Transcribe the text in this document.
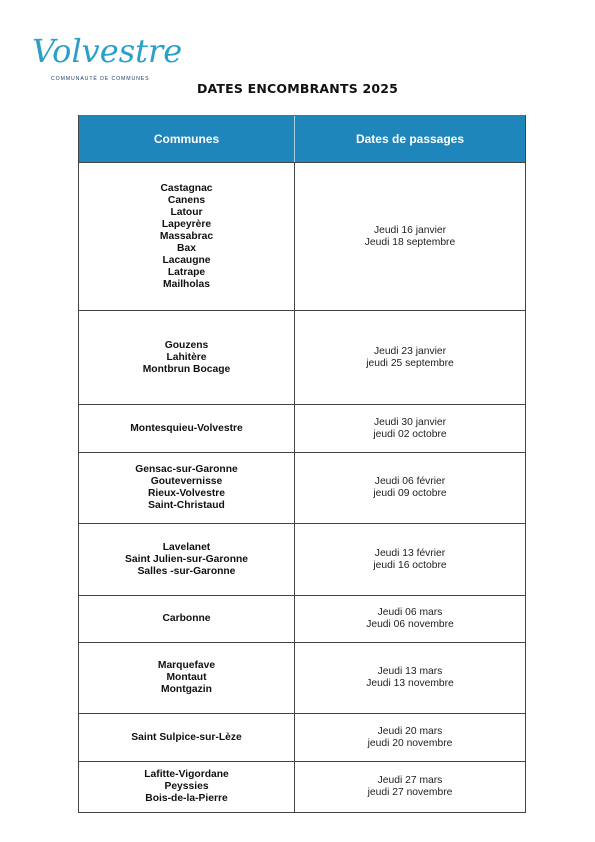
Volvestre
COMMUNAUTÉ DE COMMUNES
DATES ENCOMBRANTS 2025
Communes	Dates de passages
Castagnac
Canens
Latour
Lapeyrère
Massabrac
Bax
Lacaugne
Latrape
Mailholas
Jeudi 16 janvier
Jeudi 18 septembre
Gouzens
Lahitère
Montbrun Bocage
Jeudi 23 janvier
jeudi 25 septembre
Montesquieu-Volvestre
Jeudi 30 janvier
jeudi 02 octobre
Gensac-sur-Garonne
Goutevernisse
Rieux-Volvestre
Saint-Christaud
Jeudi 06 février
jeudi 09 octobre
Lavelanet
Saint Julien-sur-Garonne
Salles -sur-Garonne
Jeudi 13 février
jeudi 16 octobre
Carbonne
Jeudi 06 mars
Jeudi 06 novembre
Marquefave
Montaut
Montgazin
Jeudi 13 mars
Jeudi 13 novembre
Saint Sulpice-sur-Lèze
Jeudi 20 mars
jeudi 20 novembre
Lafitte-Vigordane
Peyssies
Bois-de-la-Pierre
Jeudi 27 mars
jeudi 27 novembre
